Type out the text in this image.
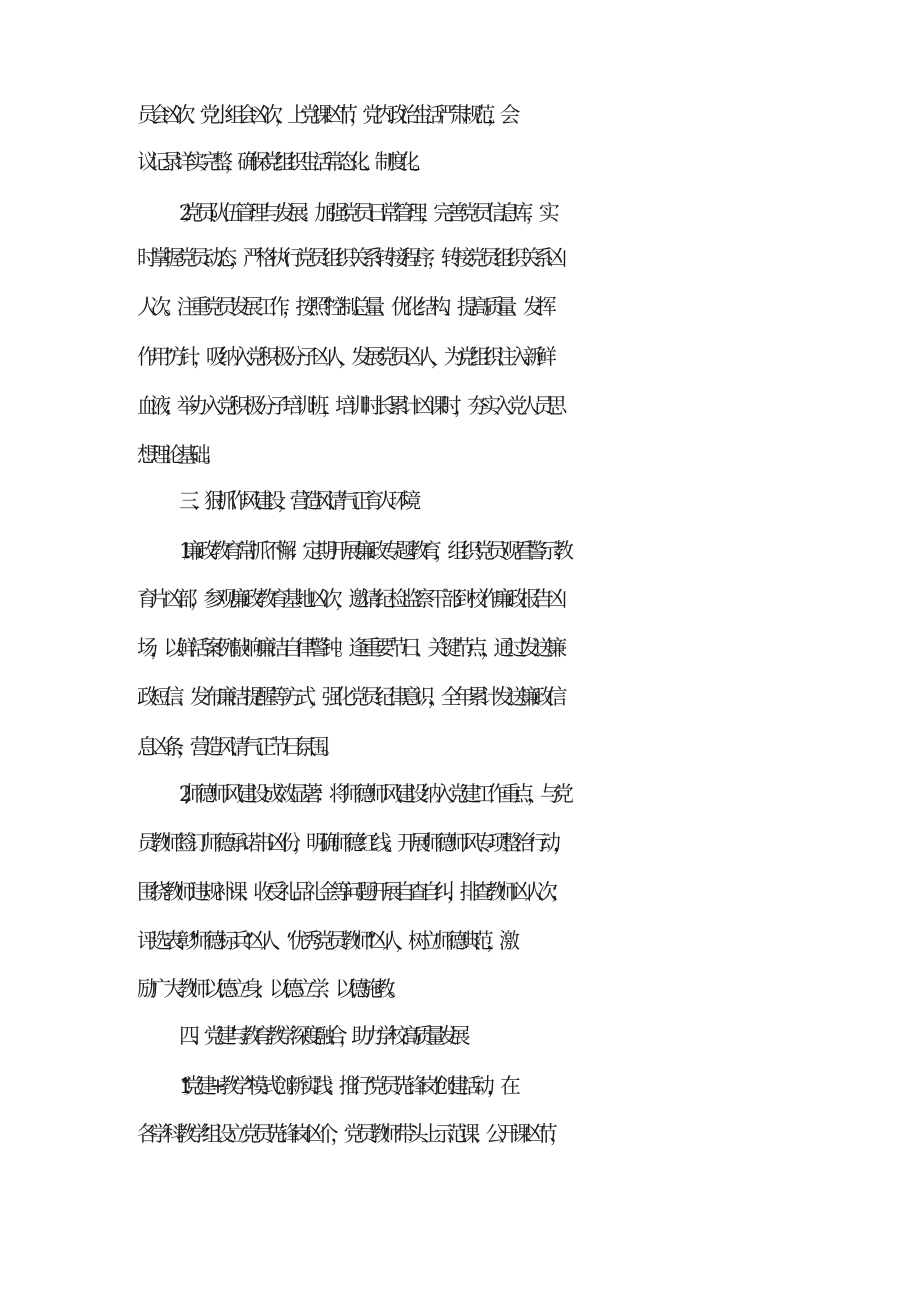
员会凶次、党小组会凶次，上党课凶节，党内政治生活严肃规范，会
议记录详实完整，确保党组织生活常态化、制度化。
2 .党员队伍管理与发展：加强党员日常管理，完善党员信息库，实
时掌握党员动态，严格执行党员组织关系转接程序，转接党员组织关系凶
人次。注重党员发展工作，按照“控制总量、优化结构、提高质量、发挥
作用”方针，吸纳入党积极分子凶人，发展党员凶人，为党组织注入新鲜
血液；举办入党积极分子培训班，培训时长累计凶课时，夯实入党人员思
想理论基础。
三、狠抓作风建设，营造风清气正育人环境
1.廉政教育常抓不懈：定期开展廉政专题教育，组织党员观看警示教
育片凶部，参观廉政教育基地凶次，邀请纪检监察干部到校作廉政报告凶
场，以鲜活案例敲响廉洁自律警钟。逢重要节日、关键节点，通过发送廉
政短信、发布廉洁提醒等方式，强化党员纪律意识，全年累计发送廉政信
息凶条，营造风清气正节日氛围。
2,师德师风建设成效显著：将师德师风建设纳入党建工作重点，与党
员教师签订师德承诺书凶份，明确师德红线。开展师德师风专项整治行动，
围绕教师违规补课、收受礼品礼金等问题开展自查自纠，排查教师凶人次；
评选表彰“师德标兵”凶人、“优秀党员教师”凶人，树立师德典范，激
励广大教师以德立身、以德立学、以德施教。
四、党建与教育教学深度融合，助力学校高质量发展
1.  “党建+教学”模式创新实践：推行“党员先锋岗”创建活动，在
各学科教学组设立党员先锋岗凶个，党员教师带头上示范课、公开课凶节，
